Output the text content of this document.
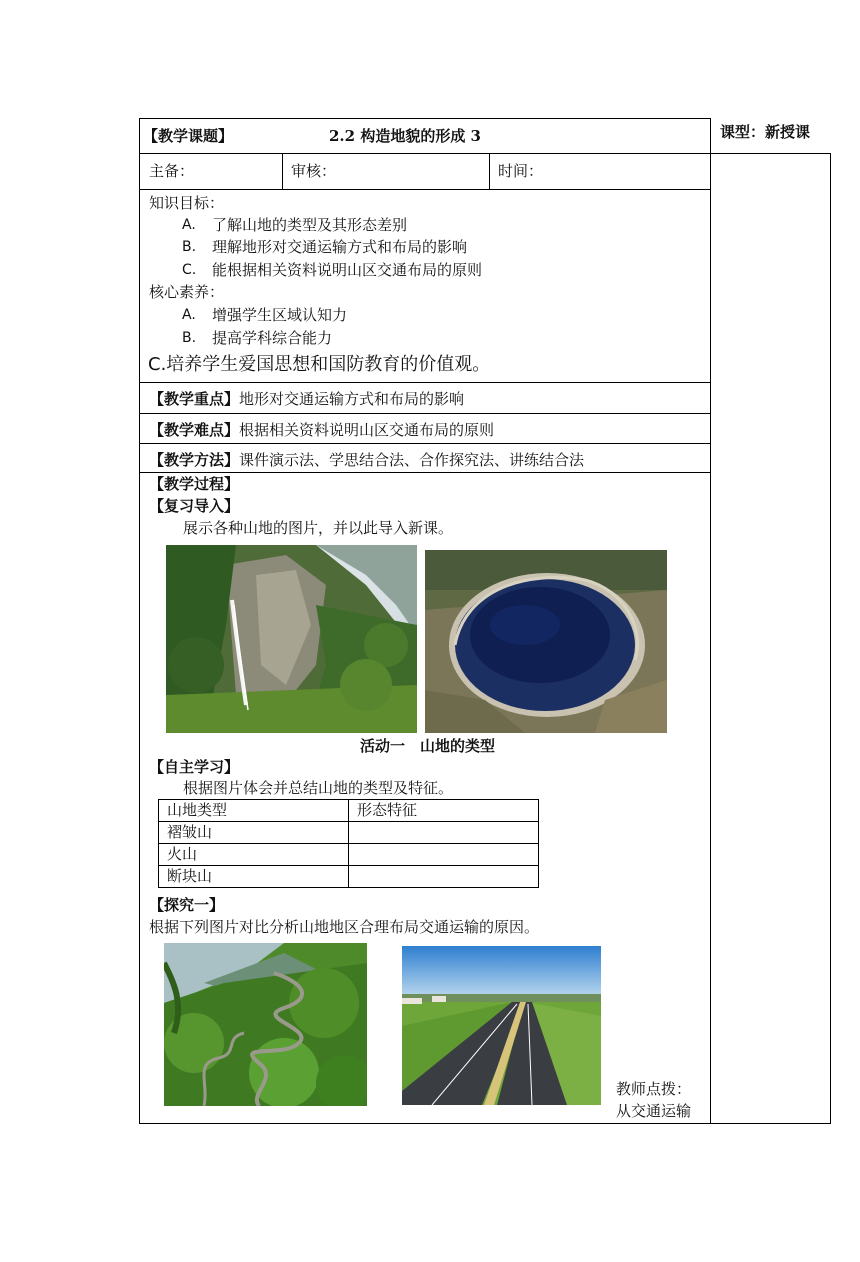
【教学课题】	2.2 构造地貌的形成 3	课型：新授课
主备：	审核：	时间：
知识目标：
A. 了解山地的类型及其形态差别
B. 理解地形对交通运输方式和布局的影响
C. 能根据相关资料说明山区交通布局的原则
核心素养：
A. 增强学生区域认知力
B. 提高学科综合能力
C.培养学生爱国思想和国防教育的价值观。
【教学重点】地形对交通运输方式和布局的影响
【教学难点】根据相关资料说明山区交通布局的原则
【教学方法】课件演示法、学思结合法、合作探究法、讲练结合法
【教学过程】
【复习导入】
展示各种山地的图片，并以此导入新课。
活动一　山地的类型
【自主学习】
根据图片体会并总结山地的类型及特征。
山地类型	形态特征
褶皱山	
火山	
断块山	
【探究一】
根据下列图片对比分析山地地区合理布局交通运输的原因。
教师点拨：
从交通运输
